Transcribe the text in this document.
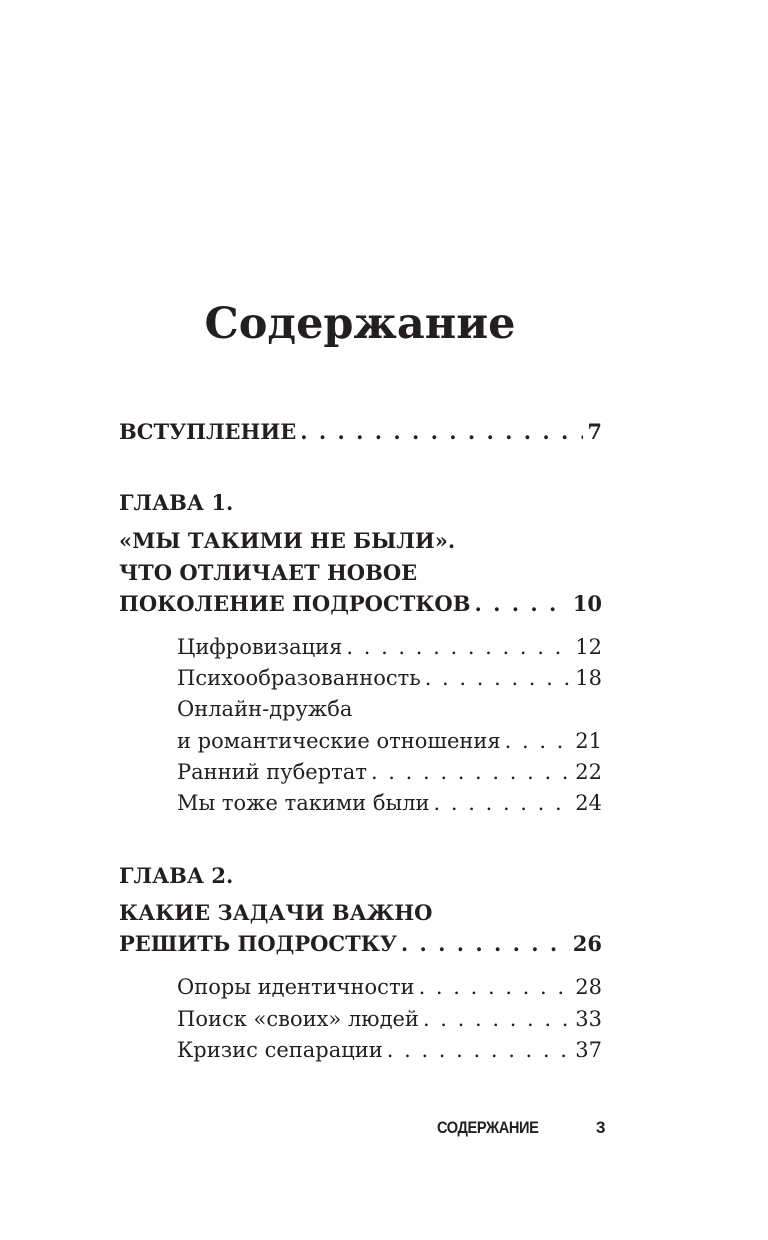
Содержание
ВСТУПЛЕНИЕ . . .	7
ГЛАВА 1.
«МЫ ТАКИМИ НЕ БЫЛИ».
ЧТО ОТЛИЧАЕТ НОВОЕ
ПОКОЛЕНИЕ ПОДРОСТКОВ . . .	10
Цифровизация . . .	12
Психообразованность . . .	18
Онлайн-дружба
и романтические отношения . . .	21
Ранний пубертат . . .	22
Мы тоже такими были . . .	24
ГЛАВА 2.
КАКИЕ ЗАДАЧИ ВАЖНО
РЕШИТЬ ПОДРОСТКУ . . .	26
Опоры идентичности . . .	28
Поиск «своих» людей . . .	33
Кризис сепарации . . .	37
СОДЕРЖАНИЕ	3
